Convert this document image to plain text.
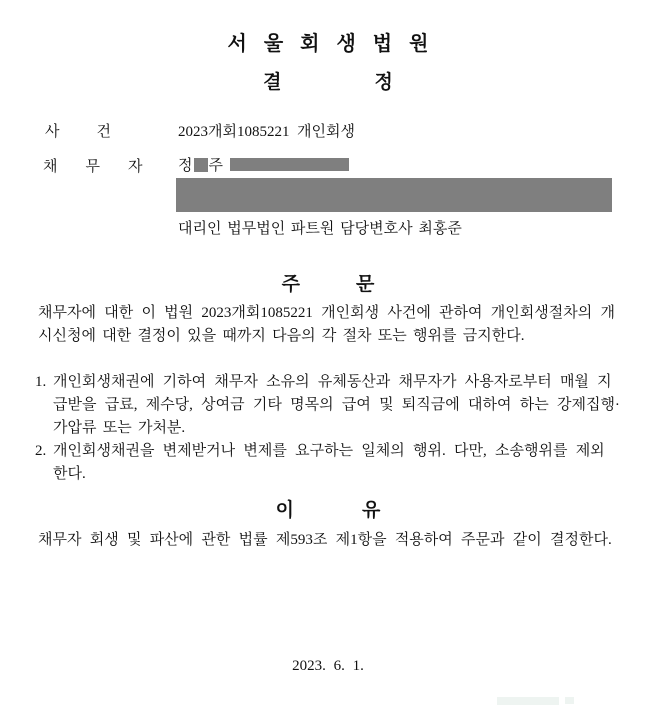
서울회생법원
결	정
사 건	2023개회1085221  개인회생
채 무 자 정 주
대리인 법무법인 파트원 담당변호사 최홍준
주	문
채무자에 대한 이 법원 2023개회1085221 개인회생 사건에 관하여 개인회생절차의 개
시신청에 대한 결정이 있을 때까지 다음의 각 절차 또는 행위를 금지한다.
1. 개인회생채권에 기하여 채무자 소유의 유체동산과 채무자가 사용자로부터 매월 지
급받을 급료, 제수당, 상여금 기타 명목의 급여 및 퇴직금에 대하여 하는 강제집행·
가압류 또는 가처분.
2. 개인회생채권을 변제받거나 변제를 요구하는 일체의 행위. 다만, 소송행위를 제외
한다.
이	유
채무자 회생 및 파산에 관한 법률 제593조 제1항을 적용하여 주문과 같이 결정한다.
2023. 6. 1.
